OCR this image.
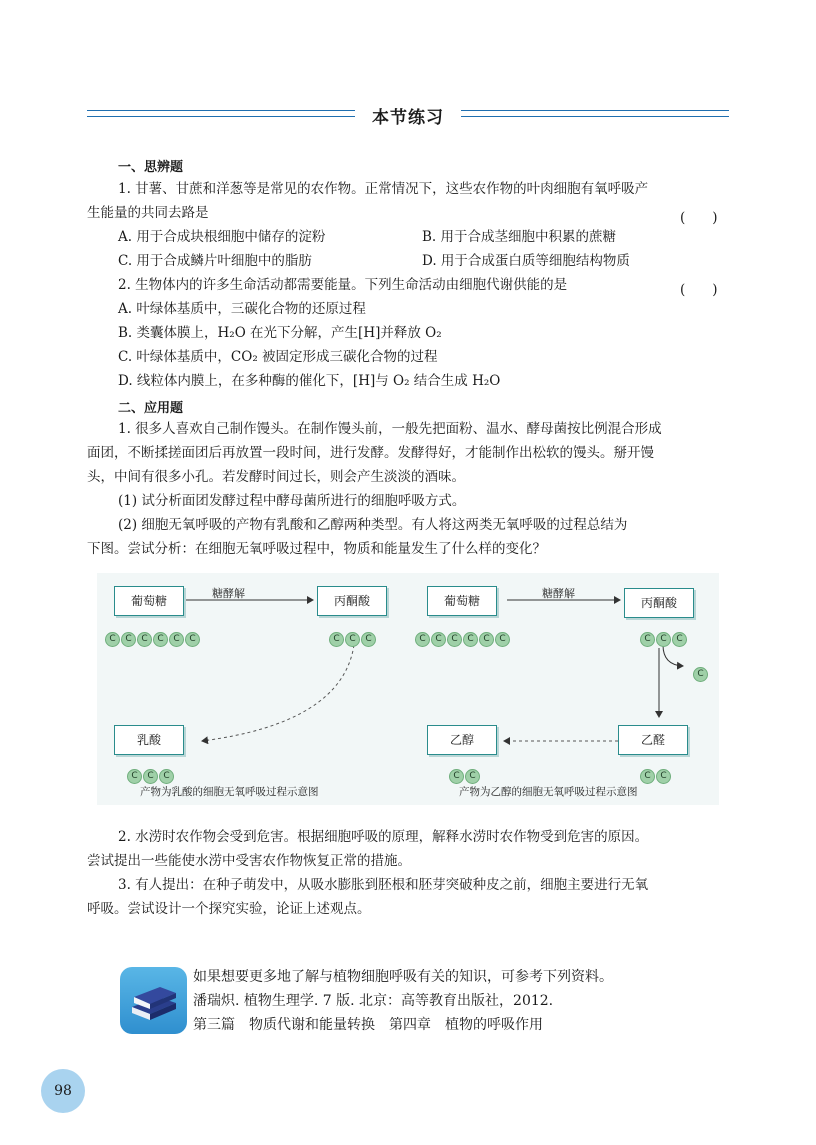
本节练习
一、思辨题
1. 甘薯、甘蔗和洋葱等是常见的农作物。正常情况下，这些农作物的叶肉细胞有氧呼吸产
生能量的共同去路是	(　　)
A. 用于合成块根细胞中储存的淀粉	B. 用于合成茎细胞中积累的蔗糖
C. 用于合成鳞片叶细胞中的脂肪	D. 用于合成蛋白质等细胞结构物质
2. 生物体内的许多生命活动都需要能量。下列生命活动由细胞代谢供能的是	(　　)
A. 叶绿体基质中，三碳化合物的还原过程
B. 类囊体膜上，H₂O 在光下分解，产生[H]并释放 O₂
C. 叶绿体基质中，CO₂ 被固定形成三碳化合物的过程
D. 线粒体内膜上，在多种酶的催化下，[H]与 O₂ 结合生成 H₂O
二、应用题
1. 很多人喜欢自己制作馒头。在制作馒头前，一般先把面粉、温水、酵母菌按比例混合形成
面团，不断揉搓面团后再放置一段时间，进行发酵。发酵得好，才能制作出松软的馒头。掰开馒
头，中间有很多小孔。若发酵时间过长，则会产生淡淡的酒味。
(1) 试分析面团发酵过程中酵母菌所进行的细胞呼吸方式。
(2) 细胞无氧呼吸的产物有乳酸和乙醇两种类型。有人将这两类无氧呼吸的过程总结为
下图。尝试分析：在细胞无氧呼吸过程中，物质和能量发生了什么样的变化？
葡萄糖
糖酵解
丙酮酸
乳酸
葡萄糖
糖酵解
丙酮酸
乙醛
乙醇
C C C C C C	C C C
C C C
C C C C C C	C C C
C
C C
C C
产物为乳酸的细胞无氧呼吸过程示意图	产物为乙醇的细胞无氧呼吸过程示意图
2. 水涝时农作物会受到危害。根据细胞呼吸的原理，解释水涝时农作物受到危害的原因。
尝试提出一些能使水涝中受害农作物恢复正常的措施。
3. 有人提出：在种子萌发中，从吸水膨胀到胚根和胚芽突破种皮之前，细胞主要进行无氧
呼吸。尝试设计一个探究实验，论证上述观点。
如果想要更多地了解与植物细胞呼吸有关的知识，可参考下列资料。
潘瑞炽. 植物生理学. 7 版. 北京：高等教育出版社，2012.
第三篇　物质代谢和能量转换　第四章　植物的呼吸作用
98
